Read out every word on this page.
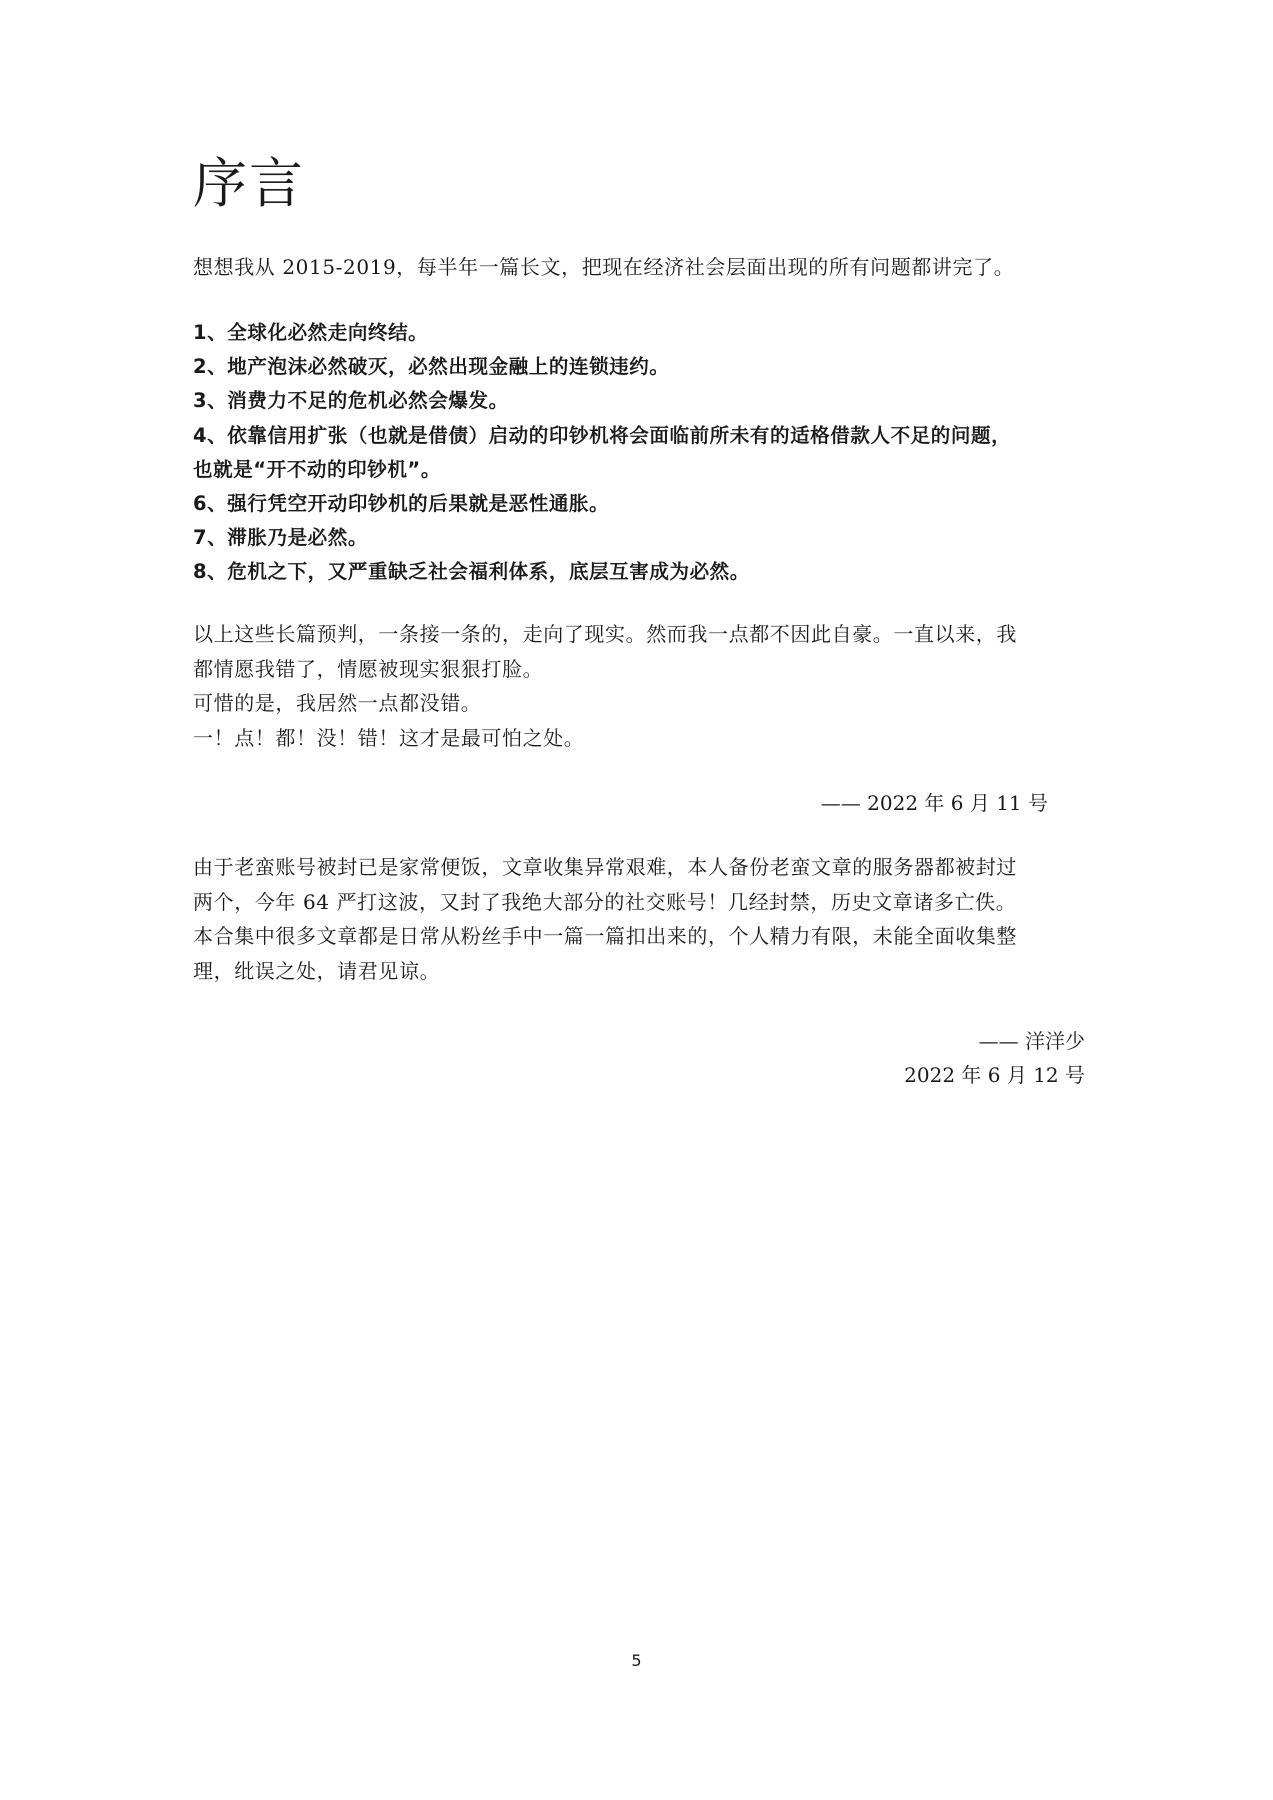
序言

想想我从 2015-2019，每半年一篇长文，把现在经济社会层面出现的所有问题都讲完了。

1、全球化必然走向终结。

2、地产泡沫必然破灭，必然出现金融上的连锁违约。

3、消费力不足的危机必然会爆发。

4、依靠信用扩张（也就是借债）启动的印钞机将会面临前所未有的适格借款人不足的问题，

也就是“开不动的印钞机”。

6、强行凭空开动印钞机的后果就是恶性通胀。

7、滞胀乃是必然。

8、危机之下，又严重缺乏社会福利体系，底层互害成为必然。

以上这些长篇预判，一条接一条的，走向了现实。然而我一点都不因此自豪。一直以来，我

都情愿我错了，情愿被现实狠狠打脸。

可惜的是，我居然一点都没错。

一！点！都！没！错！这才是最可怕之处。

—— 2022 年 6 月 11 号

由于老蛮账号被封已是家常便饭，文章收集异常艰难，本人备份老蛮文章的服务器都被封过

两个，今年 64 严打这波，又封了我绝大部分的社交账号！几经封禁，历史文章诸多亡佚。

本合集中很多文章都是日常从粉丝手中一篇一篇扣出来的，个人精力有限，未能全面收集整

理，纰误之处，请君见谅。

—— 洋洋少
2022 年 6 月 12 号
5
